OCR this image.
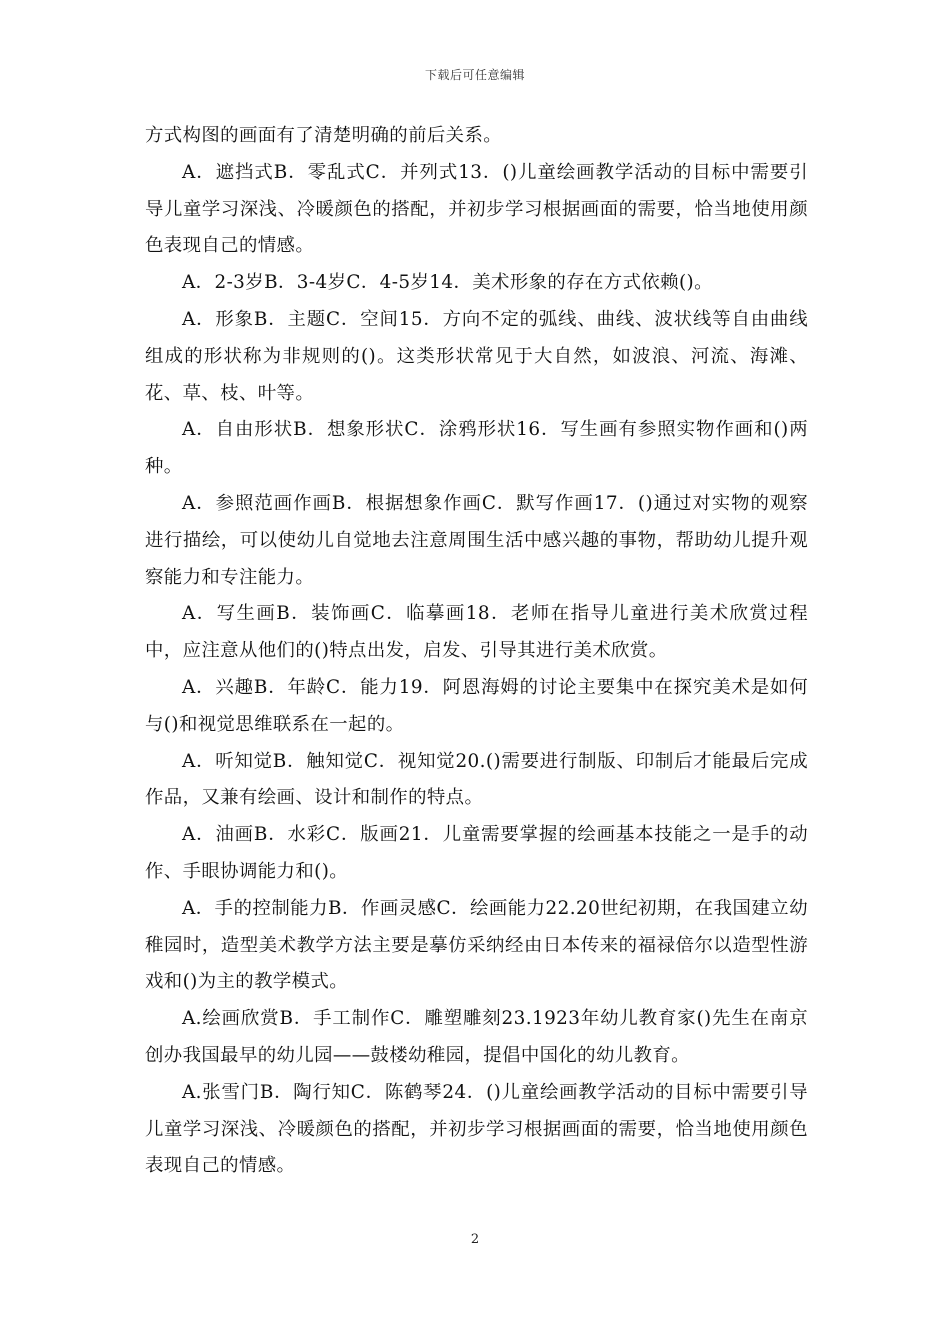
下载后可任意编辑

方式构图的画面有了清楚明确的前后关系。

A．遮挡式B．零乱式C．并列式13．()儿童绘画教学活动的目标中需要引导儿童学习深浅、冷暖颜色的搭配，并初步学习根据画面的需要，恰当地使用颜色表现自己的情感。

A．2-3岁B．3-4岁C．4-5岁14．美术形象的存在方式依赖()。

A．形象B．主题C．空间15．方向不定的弧线、曲线、波状线等自由曲线组成的形状称为非规则的()。这类形状常见于大自然，如波浪、河流、海滩、花、草、枝、叶等。

A．自由形状B．想象形状C．涂鸦形状16．写生画有参照实物作画和()两种。

A．参照范画作画B．根据想象作画C．默写作画17．()通过对实物的观察进行描绘，可以使幼儿自觉地去注意周围生活中感兴趣的事物，帮助幼儿提升观察能力和专注能力。

A．写生画B．装饰画C．临摹画18．老师在指导儿童进行美术欣赏过程中，应注意从他们的()特点出发，启发、引导其进行美术欣赏。

A．兴趣B．年龄C．能力19．阿恩海姆的讨论主要集中在探究美术是如何与()和视觉思维联系在一起的。

A．听知觉B．触知觉C．视知觉20.()需要进行制版、印制后才能最后完成作品，又兼有绘画、设计和制作的特点。

A．油画B．水彩C．版画21．儿童需要掌握的绘画基本技能之一是手的动作、手眼协调能力和()。

A．手的控制能力B．作画灵感C．绘画能力22.20世纪初期，在我国建立幼稚园时，造型美术教学方法主要是摹仿采纳经由日本传来的福禄倍尔以造型性游戏和()为主的教学模式。

A.绘画欣赏B．手工制作C．雕塑雕刻23.1923年幼儿教育家()先生在南京创办我国最早的幼儿园——鼓楼幼稚园，提倡中国化的幼儿教育。

A.张雪门B．陶行知C．陈鹤琴24．()儿童绘画教学活动的目标中需要引导儿童学习深浅、冷暖颜色的搭配，并初步学习根据画面的需要，恰当地使用颜色表现自己的情感。

2
